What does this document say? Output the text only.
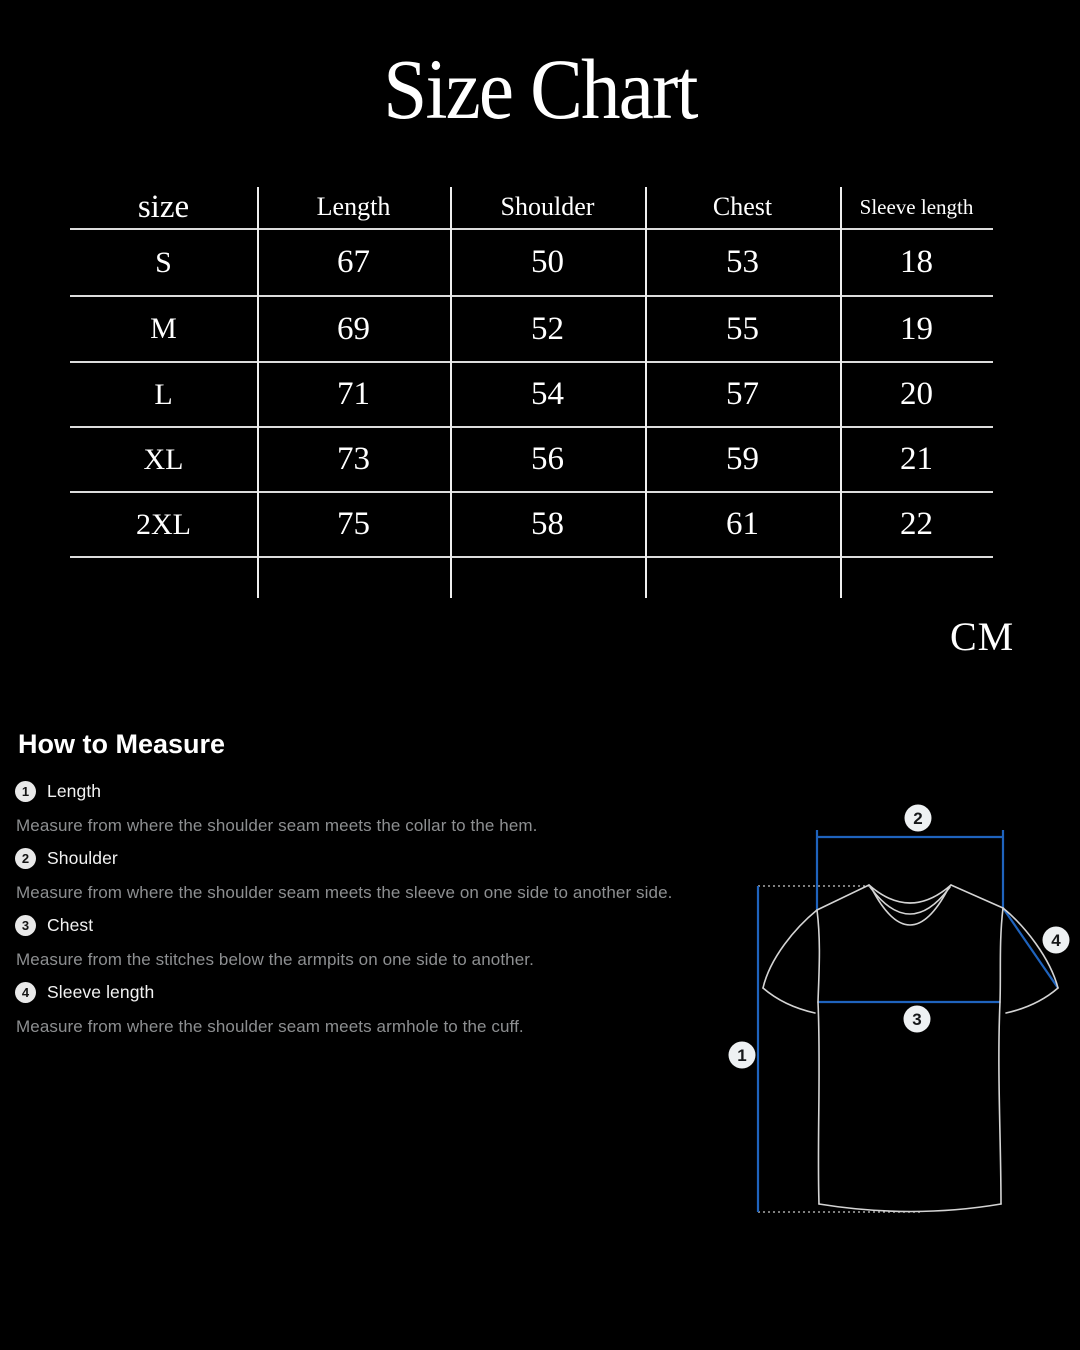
Size Chart
size	Length	Shoulder	Chest	Sleeve length
S	67	50	53	18
M	69	52	55	19
L	71	54	57	20
XL	73	56	59	21
2XL	75	58	61	22
CM
How to Measure
1	Length
Measure from where the shoulder seam meets the collar to the hem.
2	Shoulder
Measure from where the shoulder seam meets the sleeve on one side to another side.
3	Chest
Measure from the stitches below the armpits on one side to another.
4	Sleeve length
Measure from where the shoulder seam meets armhole to the cuff.
2
4
3
1
